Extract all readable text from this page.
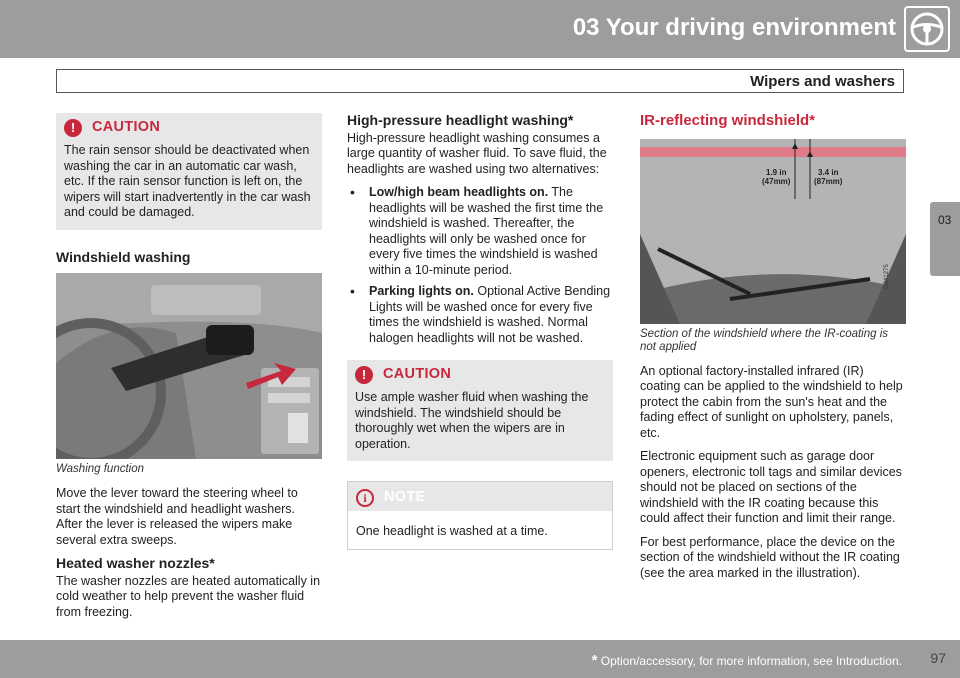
03 Your driving environment
Wipers and washers
03
!	CAUTION
The rain sensor should be deactivated when washing the car in an automatic car wash, etc. If the rain sensor function is left on, the wipers will start inadvertently in the car wash and could be damaged.
Windshield washing
Washing function

Move the lever toward the steering wheel to start the windshield and headlight washers. After the lever is released the wipers make several extra sweeps.

Heated washer nozzles*

The washer nozzles are heated automatically in cold weather to help prevent the washer fluid from freezing.

High-pressure headlight washing*

High-pressure headlight washing consumes a large quantity of washer fluid. To save fluid, the headlights are washed using two alternatives:

• Low/high beam headlights on. The headlights will be washed the first time the windshield is washed. Thereafter, the headlights will only be washed once for every five times the windshield is washed within a 10-minute period.
• Parking lights on. Optional Active Bending Lights will be washed once for every five times the windshield is washed. Normal halogen headlights will not be washed.
!	CAUTION
Use ample washer fluid when washing the windshield. The windshield should be thoroughly wet when the wipers are in operation.
i	NOTE
One headlight is washed at a time.
IR-reflecting windshield*
1.9 in
(47mm)
3.4 in
(87mm)
G041275
Section of the windshield where the IR-coating is not applied

An optional factory-installed infrared (IR) coating can be applied to the windshield to help protect the cabin from the sun's heat and the fading effect of sunlight on upholstery, panels, etc.

Electronic equipment such as garage door openers, electronic toll tags and similar devices should not be placed on sections of the windshield with the IR coating because this could affect their function and limit their range.

For best performance, place the device on the section of the windshield without the IR coating (see the area marked in the illustration).

* Option/accessory, for more information, see Introduction. 97
